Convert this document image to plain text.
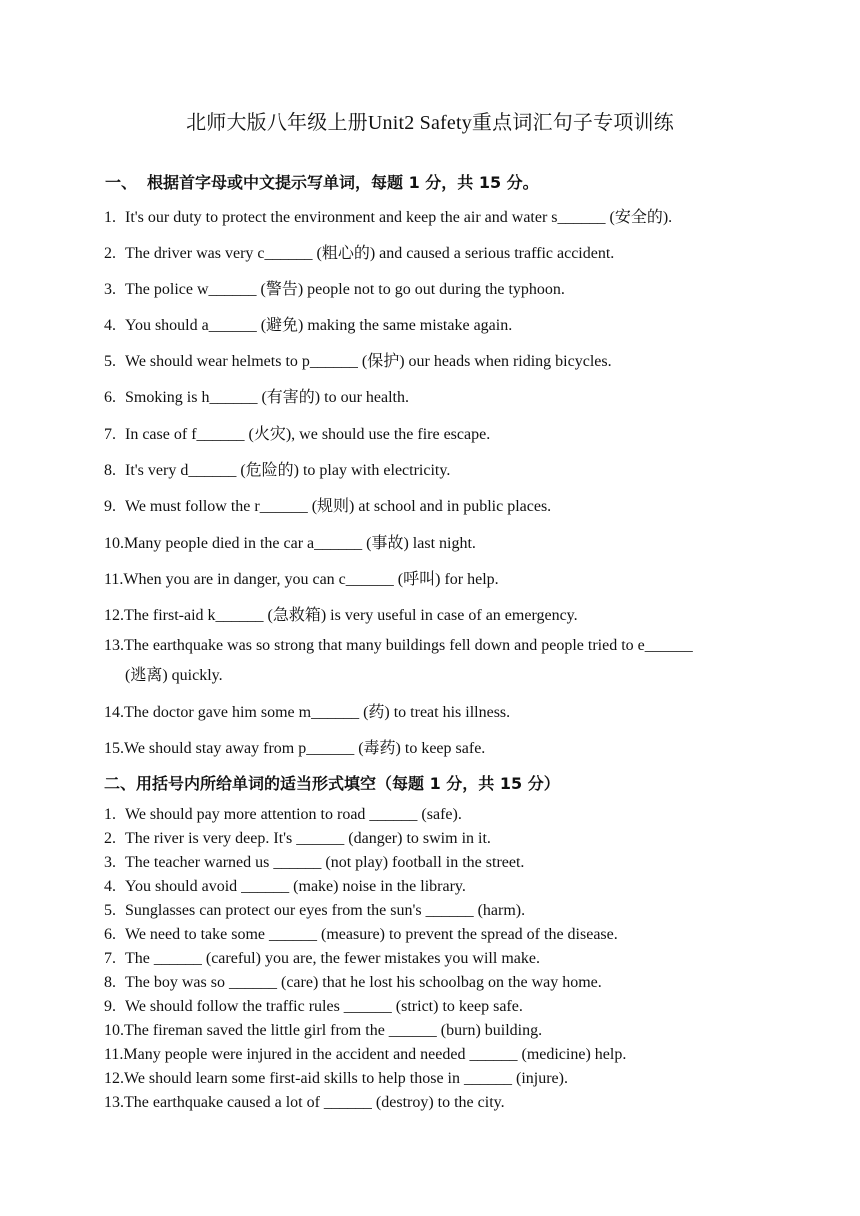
北师大版八年级上册Unit2 Safety重点词汇句子专项训练
一、 根据首字母或中文提示写单词，每题 1 分，共 15 分。
1. It's our duty to protect the environment and keep the air and water s______ (安全的).
2. The driver was very c______ (粗心的) and caused a serious traffic accident.
3. The police w______ (警告) people not to go out during the typhoon.
4. You should a______ (避免) making the same mistake again.
5. We should wear helmets to p______ (保护) our heads when riding bicycles.
6. Smoking is h______ (有害的) to our health.
7. In case of f______ (火灾), we should use the fire escape.
8. It's very d______ (危险的) to play with electricity.
9. We must follow the r______ (规则) at school and in public places.
10.Many people died in the car a______ (事故) last night.
11.When you are in danger, you can c______ (呼叫) for help.
12.The first-aid k______ (急救箱) is very useful in case of an emergency.
13.The earthquake was so strong that many buildings fell down and people tried to e______
(逃离) quickly.
14.The doctor gave him some m______ (药) to treat his illness.
15.We should stay away from p______ (毒药) to keep safe.
二、用括号内所给单词的适当形式填空（每题 1 分，共 15 分）
1. We should pay more attention to road ______ (safe).
2. The river is very deep. It's ______ (danger) to swim in it.
3. The teacher warned us ______ (not play) football in the street.
4. You should avoid ______ (make) noise in the library.
5. Sunglasses can protect our eyes from the sun's ______ (harm).
6. We need to take some ______ (measure) to prevent the spread of the disease.
7. The ______ (careful) you are, the fewer mistakes you will make.
8. The boy was so ______ (care) that he lost his schoolbag on the way home.
9. We should follow the traffic rules ______ (strict) to keep safe.
10.The fireman saved the little girl from the ______ (burn) building.
11.Many people were injured in the accident and needed ______ (medicine) help.
12.We should learn some first-aid skills to help those in ______ (injure).
13.The earthquake caused a lot of ______ (destroy) to the city.
